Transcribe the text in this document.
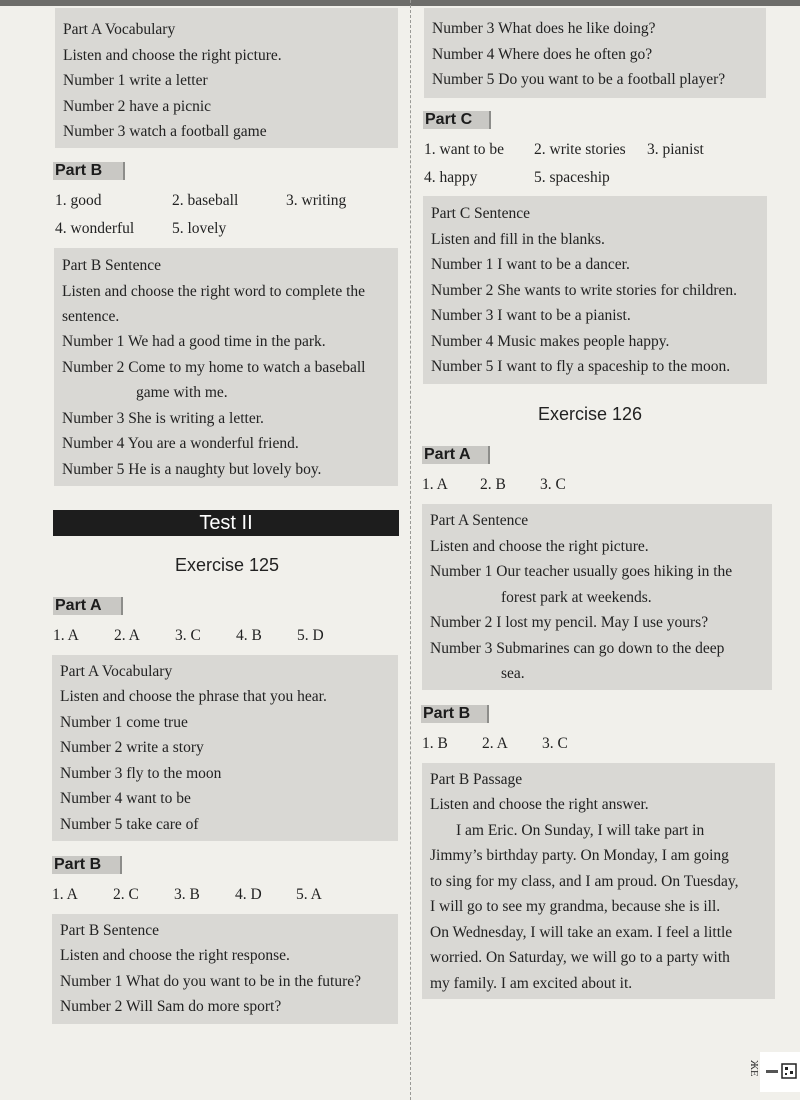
Part A Vocabulary
Listen and choose the right picture.
Number 1 write a letter
Number 2 have a picnic
Number 3 watch a football game
Part B
1. good	2. baseball	3. writing
4. wonderful 5. lovely
Part B Sentence
Listen and choose the right word to complete the
sentence.
Number 1 We had a good time in the park.
Number 2 Come to my home to watch a baseball
game with me.
Number 3 She is writing a letter.
Number 4 You are a wonderful friend.
Number 5 He is a naughty but lovely boy.
Test II
Exercise 125
Part A
1. A 2. A 3. C 4. B 5. D
Part A Vocabulary
Listen and choose the phrase that you hear.
Number 1 come true
Number 2 write a story
Number 3 fly to the moon
Number 4 want to be
Number 5 take care of
Part B
1. A 2. C 3. B 4. D 5. A
Part B Sentence
Listen and choose the right response.
Number 1 What do you want to be in the future?
Number 2 Will Sam do more sport?
Number 3 What does he like doing?
Number 4 Where does he often go?
Number 5 Do you want to be a football player?
Part C
1. want to be 2. write stories 3. pianist
4. happy	5. spaceship
Part C Sentence
Listen and fill in the blanks.
Number 1 I want to be a dancer.
Number 2 She wants to write stories for children.
Number 3 I want to be a pianist.
Number 4 Music makes people happy.
Number 5 I want to fly a spaceship to the moon.
Exercise 126
Part A
1. A 2. B 3. C
Part A Sentence
Listen and choose the right picture.
Number 1 Our teacher usually goes hiking in the
forest park at weekends.
Number 2 I lost my pencil. May I use yours?
Number 3 Submarines can go down to the deep
sea.
Part B
1. B 2. A 3. C
Part B Passage
Listen and choose the right answer.
I am Eric. On Sunday, I will take part in
Jimmy’s birthday party. On Monday, I am going
to sing for my class, and I am proud. On Tuesday,
I will go to see my grandma, because she is ill.
On Wednesday, I will take an exam. I feel a little
worried. On Saturday, we will go to a party with
my family. I am excited about it.
ЖЕ
